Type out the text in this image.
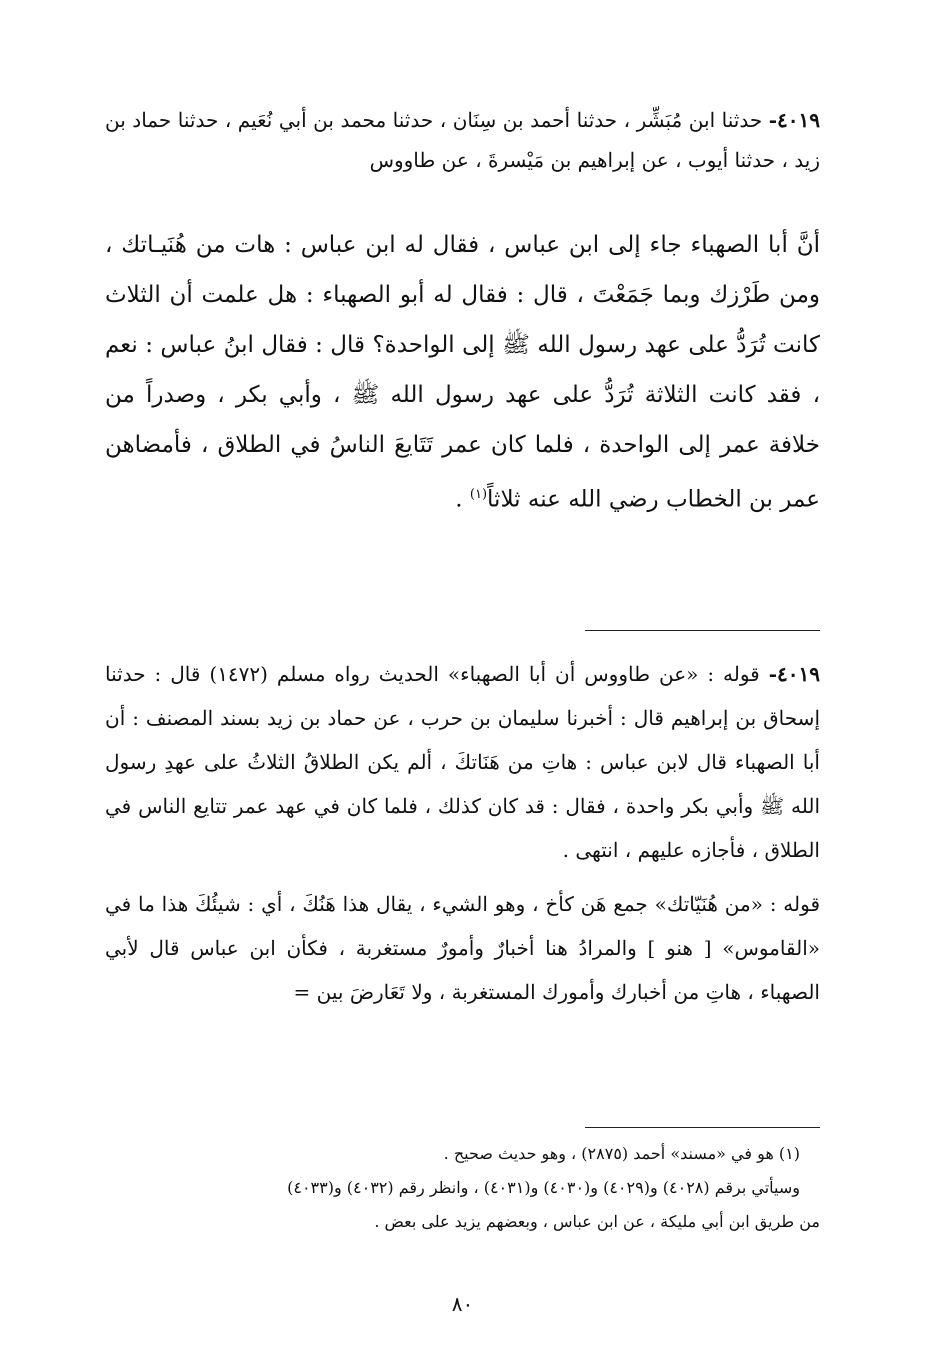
٤٠١٩- حدثنا ابن مُبَشِّر ، حدثنا أحمد بن سِنَان ، حدثنا محمد بن أبي نُعَيم ، حدثنا حماد بن زيد ، حدثنا أيوب ، عن إبراهيم بن مَيْسرةَ ، عن طاووس
أنَّ أبا الصهباء جاء إلى ابن عباس ، فقال له ابن عباس : هات من هُنَيـاتك ، ومن طَرْزك وبما جَمَعْتَ ، قال : فقال له أبو الصهباء : هل علمت أن الثلاث كانت تُرَدُّ على عهد رسول الله ﷺ إلى الواحدة؟ قال : فقال ابنُ عباس : نعم ، فقد كانت الثلاثة تُرَدُّ على عهد رسول الله ﷺ ، وأبي بكر ، وصدراً من خلافة عمر إلى الواحدة ، فلما كان عمر تَتَايعَ الناسُ في الطلاق ، فأمضاهن عمر بن الخطاب رضي الله عنه ثلاثاً$^{(١)}$ .
٤٠١٩- قوله : «عن طاووس أن أبا الصهباء» الحديث رواه مسلم (١٤٧٢) قال : حدثنا إسحاق بن إبراهيم قال : أخبرنا سليمان بن حرب ، عن حماد بن زيد بسند المصنف : أن أبا الصهباء قال لابن عباس : هاتِ من هَنَاتكَ ، ألم يكن الطلاقُ الثلاثُ على عهدِ رسول الله ﷺ وأبي بكر واحدة ، فقال : قد كان كذلك ، فلما كان في عهد عمر تتايع الناس في الطلاق ، فأجازه عليهم ، انتهى .
قوله : «من هُنَيّاتك» جمع هَن كأخ ، وهو الشيء ، يقال هذا هَنُكَ ، أي : شيئُكَ هذا ما في «القاموس» [ هنو ] والمرادُ هنا أخبارٌ وأمورٌ مستغربة ، فكأن ابن عباس قال لأبي الصهباء ، هاتِ من أخبارك وأمورك المستغربة ، ولا تَعَارضَ بين =
(١) هو في «مسند» أحمد (٢٨٧٥) ، وهو حديث صحيح .
وسيأتي برقم (٤٠٢٨) و(٤٠٢٩) و(٤٠٣٠) و(٤٠٣١) ، وانظر رقم (٤٠٣٢) و(٤٠٣٣)
من طريق ابن أبي مليكة ، عن ابن عباس ، وبعضهم يزيد على بعض .
٨٠
